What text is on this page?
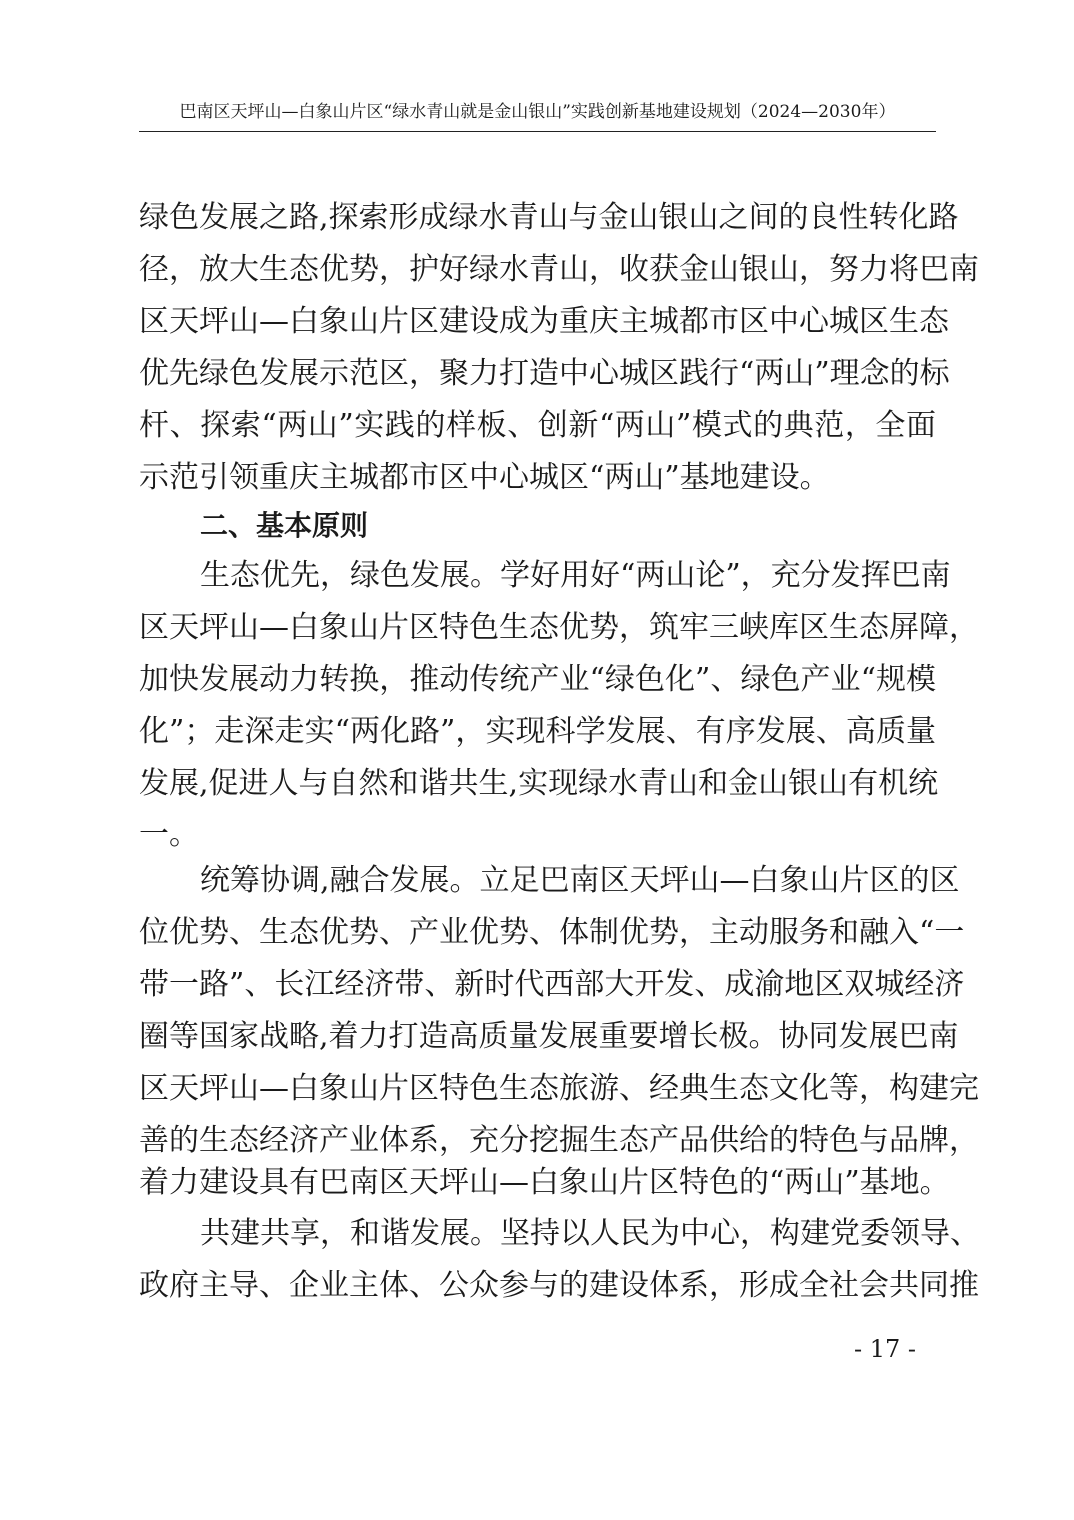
巴南区天坪山—白象山片区“绿水青山就是金山银山”实践创新基地建设规划（2024—2030年）
绿色发展之路,探索形成绿水青山与金山银山之间的良性转化路
径，放大生态优势，护好绿水青山，收获金山银山，努力将巴南
区天坪山—白象山片区建设成为重庆主城都市区中心城区生态
优先绿色发展示范区，聚力打造中心城区践行“两山”理念的标
杆、探索“两山”实践的样板、创新“两山”模式的典范，全面
示范引领重庆主城都市区中心城区“两山”基地建设。
二、基本原则
生态优先，绿色发展。学好用好“两山论”，充分发挥巴南
区天坪山—白象山片区特色生态优势，筑牢三峡库区生态屏障，
加快发展动力转换，推动传统产业“绿色化”、绿色产业“规模
化”；走深走实“两化路”，实现科学发展、有序发展、高质量
发展,促进人与自然和谐共生,实现绿水青山和金山银山有机统
一。
统筹协调,融合发展。立足巴南区天坪山—白象山片区的区
位优势、生态优势、产业优势、体制优势，主动服务和融入“一
带一路”、长江经济带、新时代西部大开发、成渝地区双城经济
圈等国家战略,着力打造高质量发展重要增长极。协同发展巴南
区天坪山—白象山片区特色生态旅游、经典生态文化等，构建完
善的生态经济产业体系，充分挖掘生态产品供给的特色与品牌，
着力建设具有巴南区天坪山—白象山片区特色的“两山”基地。
共建共享，和谐发展。坚持以人民为中心，构建党委领导、
政府主导、企业主体、公众参与的建设体系，形成全社会共同推
- 17 -
